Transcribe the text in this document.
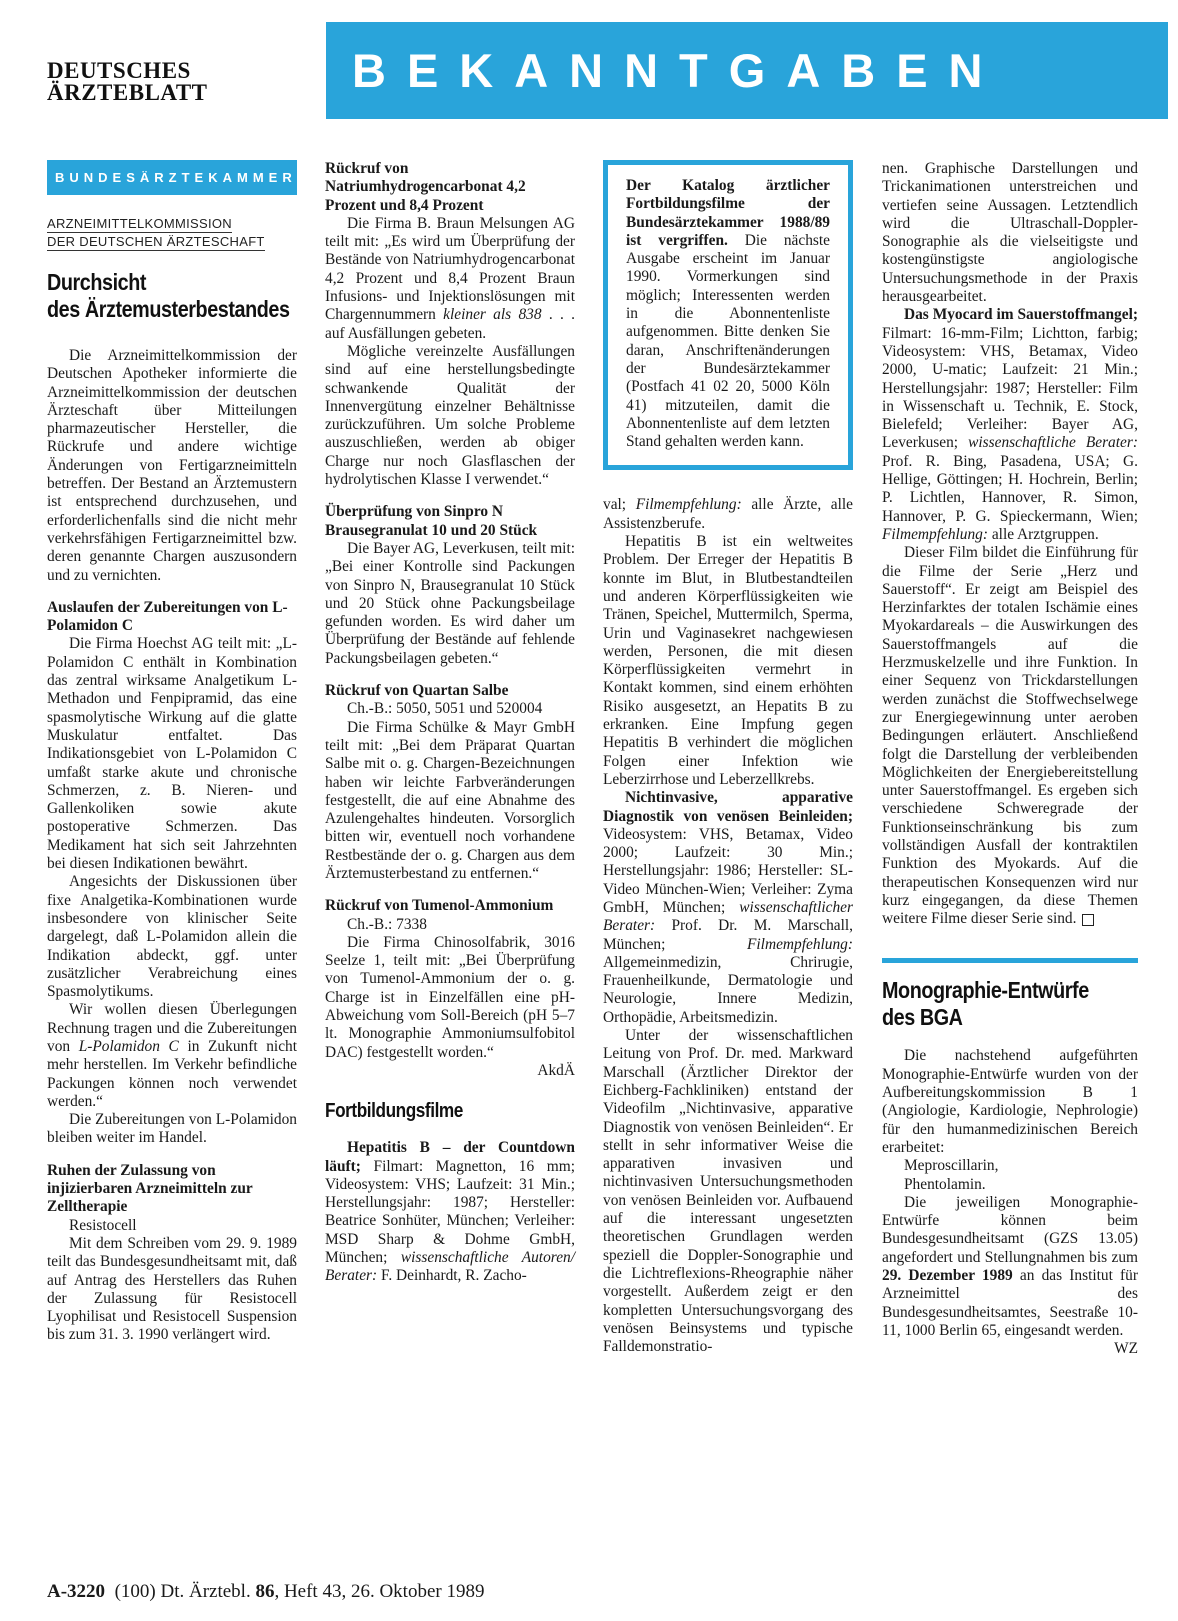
DEUTSCHES
ÄRZTEBLATT	BEKANNTGABEN
BUNDESÄRZTEKAMMER
ARZNEIMITTELKOMMISSION
DER DEUTSCHEN ÄRZTESCHAFT
Durchsicht
des Ärztemusterbestandes

Die Arzneimittelkommission der Deutschen Apotheker informierte die Arzneimittelkommission der deutschen Ärzteschaft über Mitteilungen pharmazeutischer Hersteller, die Rückrufe und andere wichtige Änderungen von Fertigarzneimitteln betreffen. Der Bestand an Ärztemustern ist entsprechend durchzusehen, und erforderlichenfalls sind die nicht mehr verkehrsfähigen Fertigarzneimittel bzw. deren genannte Chargen auszusondern und zu vernichten.

Auslaufen der Zubereitungen von L-Polamidon C

Die Firma Hoechst AG teilt mit: „L-Polamidon C enthält in Kombination das zentral wirksame Analgetikum L-Methadon und Fenpipramid, das eine spasmolytische Wirkung auf die glatte Muskulatur entfaltet. Das Indikationsgebiet von L-Polamidon C umfaßt starke akute und chronische Schmerzen, z. B. Nieren- und Gallenkoliken sowie akute postoperative Schmerzen. Das Medikament hat sich seit Jahrzehnten bei diesen Indikationen bewährt.

Angesichts der Diskussionen über fixe Analgetika-Kombinationen wurde insbesondere von klinischer Seite dargelegt, daß L-Polamidon allein die Indikation abdeckt, ggf. unter zusätzlicher Verabreichung eines Spasmolytikums.

Wir wollen diesen Überlegungen Rechnung tragen und die Zubereitungen von L-Polamidon C in Zukunft nicht mehr herstellen. Im Verkehr befindliche Packungen können noch verwendet werden.“

Die Zubereitungen von L-Polamidon bleiben weiter im Handel.

Ruhen der Zulassung von injizierbaren Arzneimitteln zur Zelltherapie

Resistocell

Mit dem Schreiben vom 29. 9. 1989 teilt das Bundesgesundheitsamt mit, daß auf Antrag des Herstellers das Ruhen der Zulassung für Resistocell Lyophilisat und Resistocell Suspension bis zum 31. 3. 1990 verlängert wird.

Rückruf von Natriumhydrogencarbonat 4,2 Prozent und 8,4 Prozent

Die Firma B. Braun Melsungen AG teilt mit: „Es wird um Überprüfung der Bestände von Natriumhydrogencarbonat 4,2 Prozent und 8,4 Prozent Braun Infusions- und Injektionslösungen mit Chargennummern kleiner als 838 . . . auf Ausfällungen gebeten.

Mögliche vereinzelte Ausfällungen sind auf eine herstellungsbedingte schwankende Qualität der Innenvergütung einzelner Behältnisse zurückzuführen. Um solche Probleme auszuschließen, werden ab obiger Charge nur noch Glasflaschen der hydrolytischen Klasse I verwendet.“

Überprüfung von Sinpro N Brausegranulat 10 und 20 Stück

Die Bayer AG, Leverkusen, teilt mit: „Bei einer Kontrolle sind Packungen von Sinpro N, Brausegranulat 10 Stück und 20 Stück ohne Packungsbeilage gefunden worden. Es wird daher um Überprüfung der Bestände auf fehlende Packungsbeilagen gebeten.“

Rückruf von Quartan Salbe

Ch.-B.: 5050, 5051 und 520004

Die Firma Schülke & Mayr GmbH teilt mit: „Bei dem Präparat Quartan Salbe mit o. g. Chargen-Bezeichnungen haben wir leichte Farbveränderungen festgestellt, die auf eine Abnahme des Azulengehaltes hindeuten. Vorsorglich bitten wir, eventuell noch vorhandene Restbestände der o. g. Chargen aus dem Ärztemusterbestand zu entfernen.“

Rückruf von Tumenol-Ammonium

Ch.-B.: 7338

Die Firma Chinosolfabrik, 3016 Seelze 1, teilt mit: „Bei Überprüfung von Tumenol-Ammonium der o. g. Charge ist in Einzelfällen eine pH-Abweichung vom Soll-Bereich (pH 5–7 lt. Monographie Ammoniumsulfobitol DAC) festgestellt worden.“

AkdÄ

Fortbildungsfilme

Hepatitis B – der Countdown läuft; Filmart: Magnetton, 16 mm; Videosystem: VHS; Laufzeit: 31 Min.; Herstellungsjahr: 1987; Hersteller: Beatrice Sonhüter, München; Verleiher: MSD Sharp & Dohme GmbH, München; wissenschaftliche Autoren/ Berater: F. Deinhardt, R. Zacho-

Der Katalog ärztlicher Fortbildungsfilme der Bundesärztekammer 1988/89 ist vergriffen. Die nächste Ausgabe erscheint im Januar 1990. Vormerkungen sind möglich; Interessenten werden in die Abonnentenliste aufgenommen. Bitte denken Sie daran, Anschriftenänderungen der Bundesärztekammer (Postfach 41 02 20, 5000 Köln 41) mitzuteilen, damit die Abonnentenliste auf dem letzten Stand gehalten werden kann.

val; Filmempfehlung: alle Ärzte, alle Assistenzberufe.

Hepatitis B ist ein weltweites Problem. Der Erreger der Hepatitis B konnte im Blut, in Blutbestandteilen und anderen Körperflüssigkeiten wie Tränen, Speichel, Muttermilch, Sperma, Urin und Vaginasekret nachgewiesen werden, Personen, die mit diesen Körperflüssigkeiten vermehrt in Kontakt kommen, sind einem erhöhten Risiko ausgesetzt, an Hepatits B zu erkranken. Eine Impfung gegen Hepatitis B verhindert die möglichen Folgen einer Infektion wie Leberzirrhose und Leberzellkrebs.

Nichtinvasive, apparative Diagnostik von venösen Beinleiden; Videosystem: VHS, Betamax, Video 2000; Laufzeit: 30 Min.; Herstellungsjahr: 1986; Hersteller: SL-Video München-Wien; Verleiher: Zyma GmbH, München; wissenschaftlicher Berater: Prof. Dr. M. Marschall, München; Filmempfehlung: Allgemeinmedizin, Chrirugie, Frauenheilkunde, Dermatologie und Neurologie, Innere Medizin, Orthopädie, Arbeitsmedizin.

Unter der wissenschaftlichen Leitung von Prof. Dr. med. Markward Marschall (Ärztlicher Direktor der Eichberg-Fachkliniken) entstand der Videofilm „Nichtinvasive, apparative Diagnostik von venösen Beinleiden“. Er stellt in sehr informativer Weise die apparativen invasiven und nichtinvasiven Untersuchungsmethoden von venösen Beinleiden vor. Aufbauend auf die interessant ungesetzten theoretischen Grundlagen werden speziell die Doppler-Sonographie und die Lichtreflexions-Rheographie näher vorgestellt. Außerdem zeigt er den kompletten Untersuchungsvorgang des venösen Beinsystems und typische Falldemonstratio-

nen. Graphische Darstellungen und Trickanimationen unterstreichen und vertiefen seine Aussagen. Letztendlich wird die Ultraschall-Doppler-Sonographie als die vielseitigste und kostengünstigste angiologische Untersuchungsmethode in der Praxis herausgearbeitet.

Das Myocard im Sauerstoffmangel; Filmart: 16-mm-Film; Lichtton, farbig; Videosystem: VHS, Betamax, Video 2000, U-matic; Laufzeit: 21 Min.; Herstellungsjahr: 1987; Hersteller: Film in Wissenschaft u. Technik, E. Stock, Bielefeld; Verleiher: Bayer AG, Leverkusen; wissenschaftliche Berater: Prof. R. Bing, Pasadena, USA; G. Hellige, Göttingen; H. Hochrein, Berlin; P. Lichtlen, Hannover, R. Simon, Hannover, P. G. Spieckermann, Wien; Filmempfehlung: alle Arztgruppen.

Dieser Film bildet die Einführung für die Filme der Serie „Herz und Sauerstoff“. Er zeigt am Beispiel des Herzinfarktes der totalen Ischämie eines Myokardareals – die Auswirkungen des Sauerstoffmangels auf die Herzmuskelzelle und ihre Funktion. In einer Sequenz von Trickdarstellungen werden zunächst die Stoffwechselwege zur Energiegewinnung unter aeroben Bedingungen erläutert. Anschließend folgt die Darstellung der verbleibenden Möglichkeiten der Energiebereitstellung unter Sauerstoffmangel. Es ergeben sich verschiedene Schweregrade der Funktionseinschränkung bis zum vollständigen Ausfall der kontraktilen Funktion des Myokards. Auf die therapeutischen Konsequenzen wird nur kurz eingegangen, da diese Themen weitere Filme dieser Serie sind.

Monographie-Entwürfe
des BGA

Die nachstehend aufgeführten Monographie-Entwürfe wurden von der Aufbereitungskommission B 1 (Angiologie, Kardiologie, Nephrologie) für den humanmedizinischen Bereich erarbeitet:

Meproscillarin,

Phentolamin.

Die jeweiligen Monographie-Entwürfe können beim Bundesgesundheitsamt (GZS 13.05) angefordert und Stellungnahmen bis zum 29. Dezember 1989 an das Institut für Arzneimittel des Bundesgesundheitsamtes, Seestraße 10-11, 1000 Berlin 65, eingesandt werden.

WZ

A-3220 (100) Dt. Ärztebl. 86, Heft 43, 26. Oktober 1989
